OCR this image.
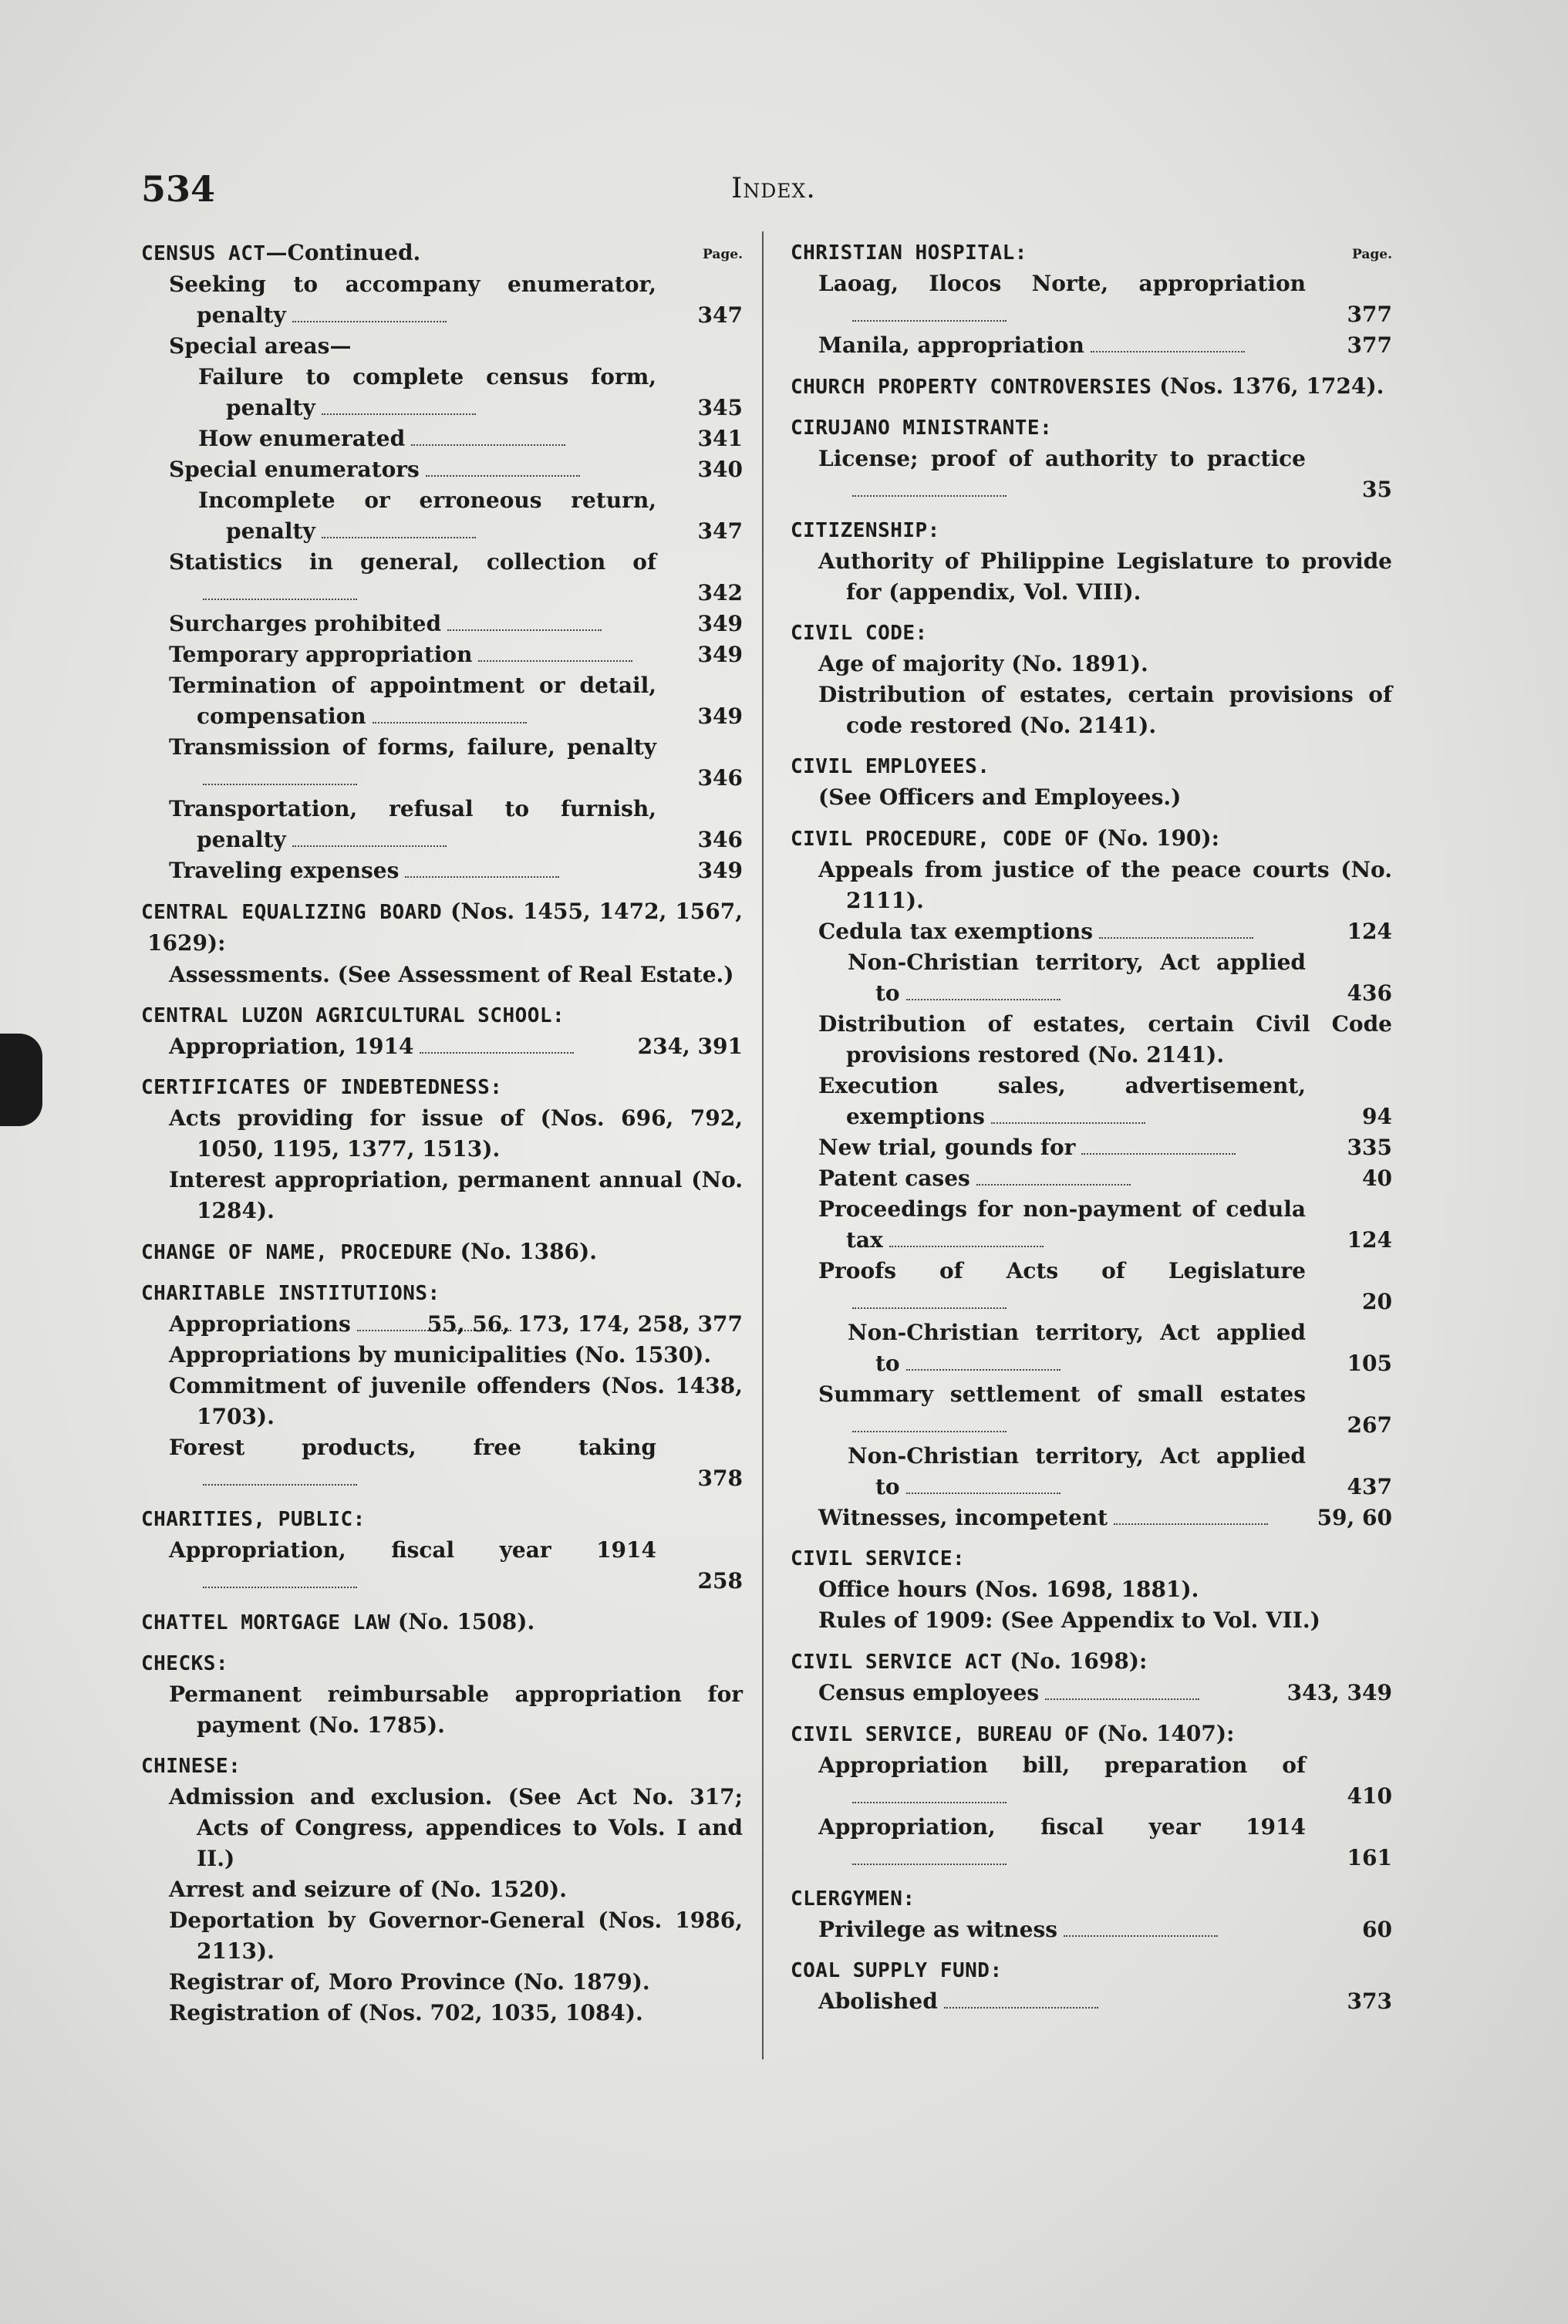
534	Index.
Page.
CENSUS ACT—Continued.
Seeking to accompany enumerator, penalty	347
Special areas—
Failure to complete census form, penalty	345
How enumerated	341
Special enumerators	340
Incomplete or erroneous return, penalty	347
Statistics in general, collection of
342
Surcharges prohibited	349
Temporary appropriation	349
Termination of appointment or detail, compensation	349
Transmission of forms, failure, penalty
346
Transportation, refusal to furnish, penalty	346
Traveling expenses	349
CENTRAL EQUALIZING BOARD (Nos. 1455, 1472, 1567, 1629):
Assessments. (See Assessment of Real Estate.)
CENTRAL LUZON AGRICULTURAL SCHOOL:
Appropriation, 1914	234, 391
CERTIFICATES OF INDEBTEDNESS:
Acts providing for issue of (Nos. 696, 792, 1050, 1195, 1377, 1513).
Interest appropriation, permanent annual (No. 1284).
CHANGE OF NAME, PROCEDURE (No. 1386).
CHARITABLE INSTITUTIONS:
Appropriations	55, 56, 173, 174, 258, 377
Appropriations by municipalities (No. 1530).
Commitment of juvenile offenders (Nos. 1438, 1703).
Forest products, free taking
378
CHARITIES, PUBLIC:
Appropriation, fiscal year 1914
258
CHATTEL MORTGAGE LAW (No. 1508).
CHECKS:
Permanent reimbursable appropriation for payment (No. 1785).
CHINESE:
Admission and exclusion. (See Act No. 317; Acts of Congress, appendices to Vols. I and II.)
Arrest and seizure of (No. 1520).
Deportation by Governor-General (Nos. 1986, 2113).
Registrar of, Moro Province (No. 1879).
Registration of (Nos. 702, 1035, 1084).
Page.
CHRISTIAN HOSPITAL:
Laoag, Ilocos Norte, appropriation
377
Manila, appropriation	377
CHURCH PROPERTY CONTROVERSIES (Nos. 1376, 1724).
CIRUJANO MINISTRANTE:
License; proof of authority to practice
35
CITIZENSHIP:
Authority of Philippine Legislature to provide for (appendix, Vol. VIII).
CIVIL CODE:
Age of majority (No. 1891).
Distribution of estates, certain provisions of code restored (No. 2141).
CIVIL EMPLOYEES.
(See Officers and Employees.)
CIVIL PROCEDURE, CODE OF (No. 190):
Appeals from justice of the peace courts (No. 2111).
Cedula tax exemptions	124
Non-Christian territory, Act applied to	436
Distribution of estates, certain Civil Code provisions restored (No. 2141).
Execution sales, advertisement, exemptions	94
New trial, gounds for	335
Patent cases	40
Proceedings for non-payment of cedula tax	124
Proofs of Acts of Legislature
20
Non-Christian territory, Act applied to	105
Summary settlement of small estates
267
Non-Christian territory, Act applied to	437
Witnesses, incompetent	59, 60
CIVIL SERVICE:
Office hours (Nos. 1698, 1881).
Rules of 1909: (See Appendix to Vol. VII.)
CIVIL SERVICE ACT (No. 1698):
Census employees	343, 349
CIVIL SERVICE, BUREAU OF (No. 1407):
Appropriation bill, preparation of
410
Appropriation, fiscal year 1914
161
CLERGYMEN:
Privilege as witness	60
COAL SUPPLY FUND:
Abolished	373
